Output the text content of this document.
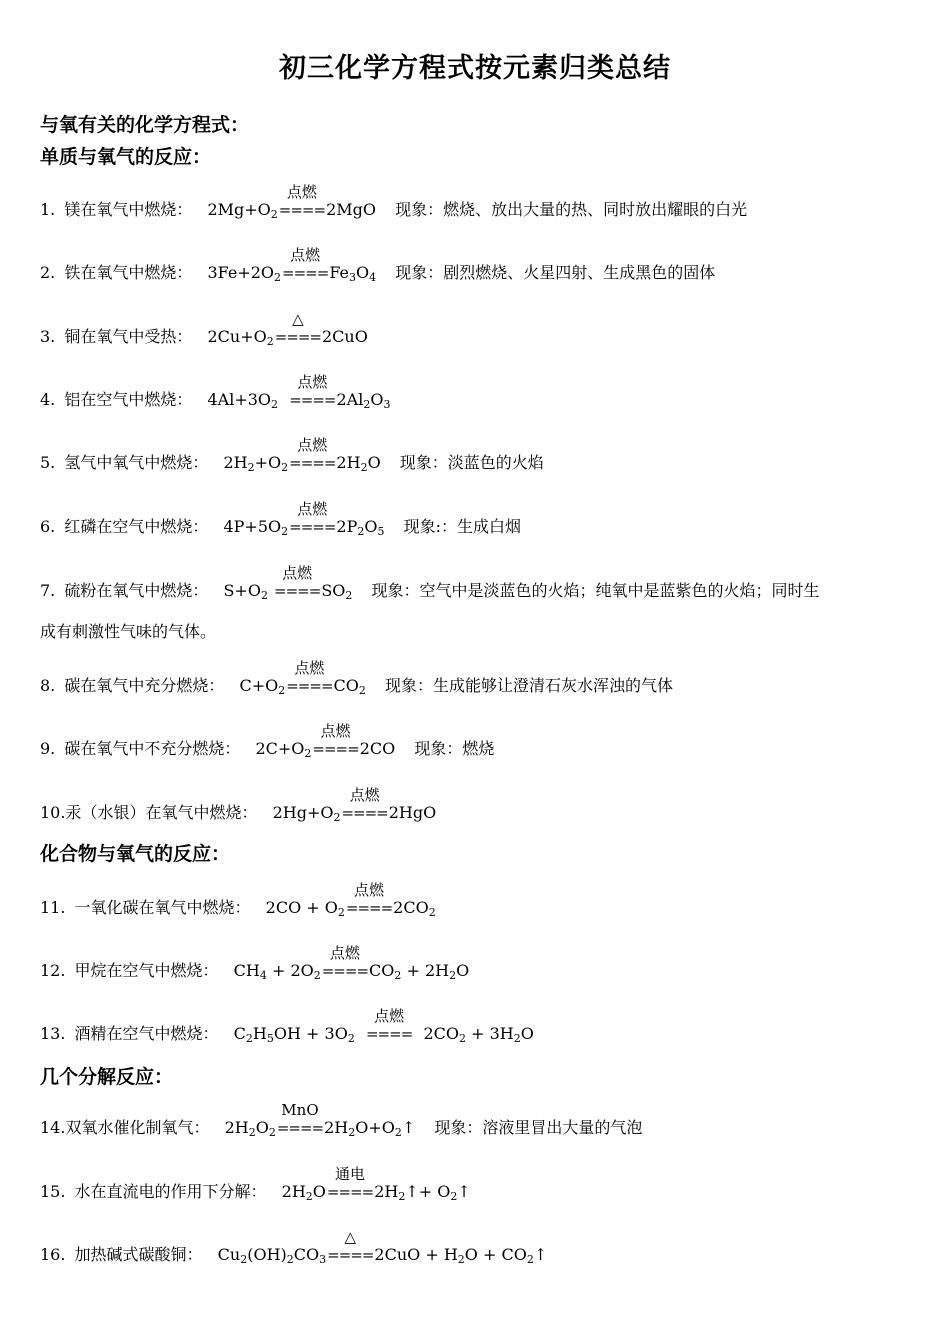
初三化学方程式按元素归类总结
与氧有关的化学方程式：
单质与氧气的反应：
1. 镁在氧气中燃烧： $2Mg+O_2$
点燃
====2MgO 现象：燃烧、放出大量的热、同时放出耀眼的白光
2. 铁在氧气中燃烧： $3Fe+2O_2$
点燃
$====Fe_3O_4$ 现象：剧烈燃烧、火星四射、生成黑色的固体
3. 铜在氧气中受热： $2Cu+O_2$
△
====2CuO
4. 铝在空气中燃烧： $4Al+3O_2$
点燃
$====2Al_2O_3$
5. 氢气中氧气中燃烧： $2H_2+O_2$
点燃
$====2H_2O$ 现象：淡蓝色的火焰
6. 红磷在空气中燃烧： $4P+5O_2$
点燃
$====2P_2O_5$ 现象:：生成白烟
7. 硫粉在氧气中燃烧： $S+O_2$
点燃
$====SO_2$ 现象：空气中是淡蓝色的火焰；纯氧中是蓝紫色的火焰；同时生
成有刺激性气味的气体。
8. 碳在氧气中充分燃烧： $C+O_2$
点燃
$====CO_2$ 现象：生成能够让澄清石灰水浑浊的气体
9. 碳在氧气中不充分燃烧： $2C+O_2$
点燃
====2CO 现象：燃烧
10.汞（水银）在氧气中燃烧： $2Hg+O_2$
点燃
====2HgO
化合物与氧气的反应：
11. 一氧化碳在氧气中燃烧： $2CO + O_2$
点燃
$====2CO_2$
12. 甲烷在空气中燃烧： $CH_4 + 2O_2$
点燃
$====CO_2 + 2H_2O$
13. 酒精在空气中燃烧： $C_2H_5OH + 3O_2$
点燃
==== $2CO_2 + 3H_2O$
几个分解反应：
14.双氧水催化制氧气： $2H_2O_2$
MnO
$====2H_2O+O_2↑$ 现象：溶液里冒出大量的气泡
15. 水在直流电的作用下分解： $2H_2O$
通电
$====2H_2↑+$ $O_2↑$
16. 加热碱式碳酸铜： $Cu_2(OH)_2CO_3$
△
$====2CuO + H_2O$ + $CO_2↑$
